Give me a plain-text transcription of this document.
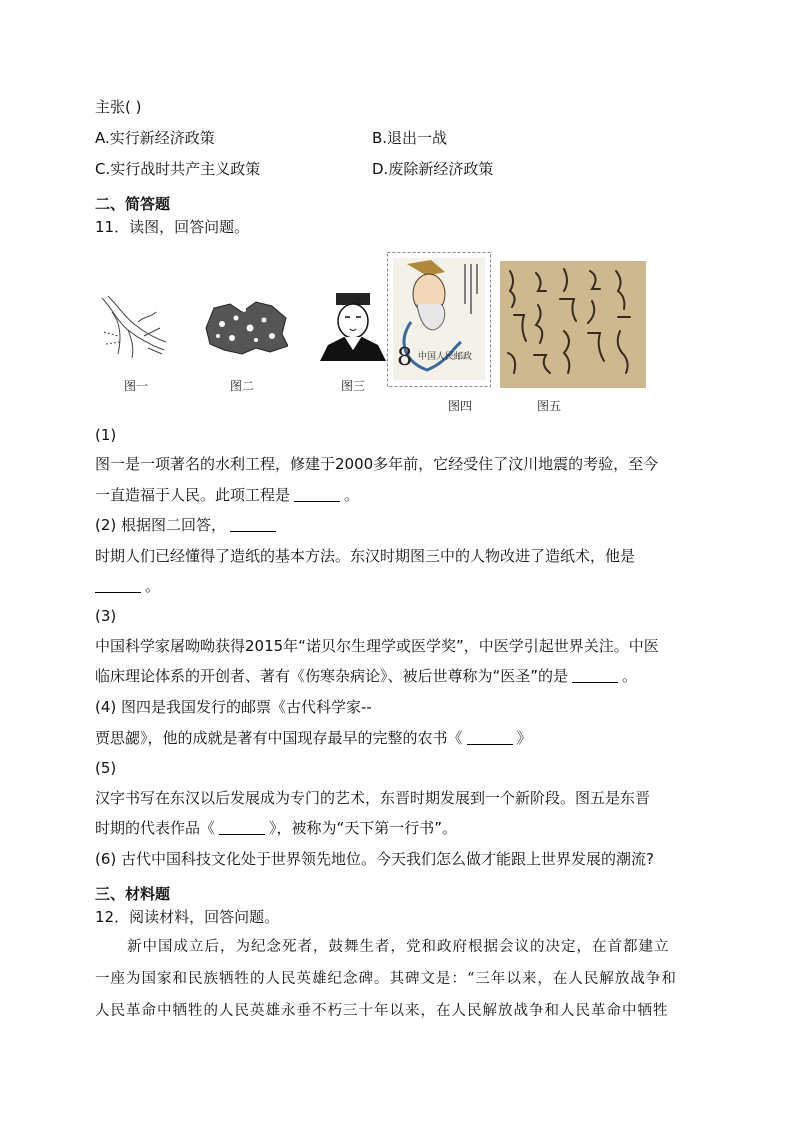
主张( )
A.实行新经济政策	B.退出一战
C.实行战时共产主义政策	D.废除新经济政策
二、简答题
11．读图，回答问题。
8 中国人民邮政
图一	图二	图三
图四	图五
(1)
图一是一项著名的水利工程，修建于2000多年前，它经受住了汶川地震的考验，至今
一直造福于人民。此项工程是	。
(2) 根据图二回答，
时期人们已经懂得了造纸的基本方法。东汉时期图三中的人物改进了造纸术，他是
。
(3)
中国科学家屠呦呦获得2015年“诺贝尔生理学或医学奖”，中医学引起世界关注。中医
临床理论体系的开创者、著有《伤寒杂病论》、被后世尊称为“医圣”的是	。
(4) 图四是我国发行的邮票《古代科学家--
贾思勰》，他的成就是著有中国现存最早的完整的农书《	》
(5)
汉字书写在东汉以后发展成为专门的艺术，东晋时期发展到一个新阶段。图五是东晋
时期的代表作品《	》，被称为“天下第一行书”。
(6) 古代中国科技文化处于世界领先地位。今天我们怎么做才能跟上世界发展的潮流?
三、材料题
12．阅读材料，回答问题。
新中国成立后，为纪念死者，鼓舞生者，党和政府根据会议的决定，在首都建立
一座为国家和民族牺牲的人民英雄纪念碑。其碑文是：“三年以来，在人民解放战争和
人民革命中牺牲的人民英雄永垂不朽三十年以来，在人民解放战争和人民革命中牺牲
